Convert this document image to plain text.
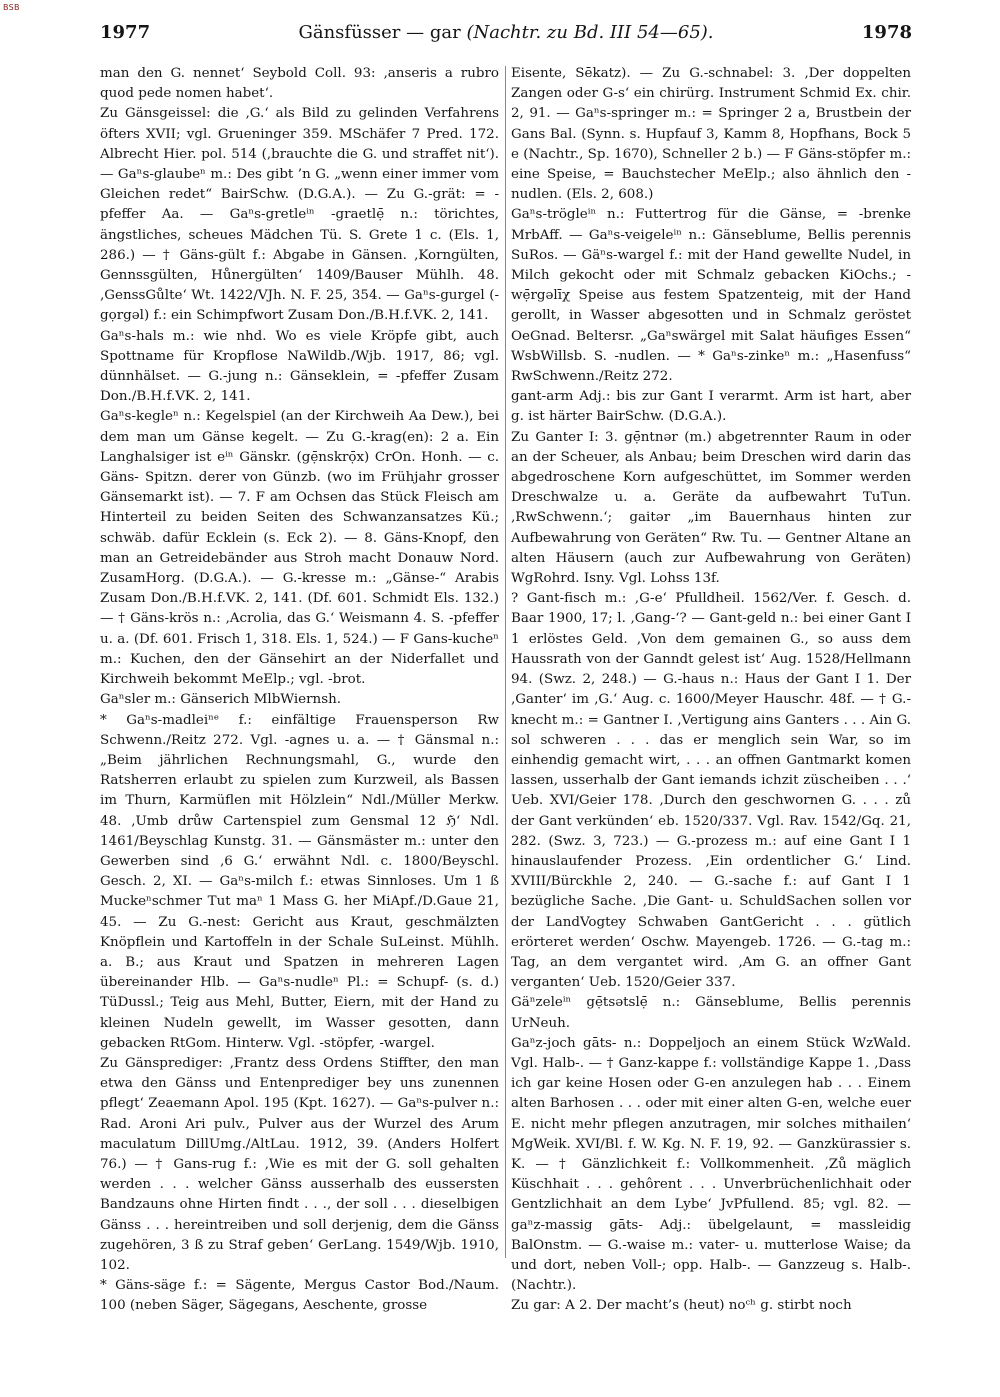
BSB
1977	Gänsfüsser — gar (Nachtr. zu Bd. III 54—65).	1978

man den G. nennet‘ Seybold Coll. 93: ‚anseris a rubro quod pede nomen habet‘.

Zu Gänsgeissel: die ‚G.‘ als Bild zu gelinden Verfahrens öfters XVII; vgl. Grueninger 359. MSchäfer 7 Pred. 172. Albrecht Hier. pol. 514 (‚brauchte die G. und straffet nit‘). — Gaⁿs-glaubeⁿ m.: Des gibt ’n G. „wenn einer immer vom Gleichen redet“ BairSchw. (D.G.A.). — Zu G.-grät: = -pfeffer Aa. — Gaⁿs-gretleⁱⁿ -graetlẹ̄ n.: törichtes, ängstliches, scheues Mädchen Tü. S. Grete 1 c. (Els. 1, 286.) — † Gäns-gült f.: Abgabe in Gänsen. ‚Korngülten, Gennssgülten, Hůnergülten‘ 1409/Bauser Mühlh. 48. ‚GenssGůlte‘ Wt. 1422/VJh. N. F. 25, 354. — Gaⁿs-gurgel (-gọrgəl) f.: ein Schimpfwort Zusam Don./B.H.f.VK. 2, 141.

Gaⁿs-hals m.: wie nhd. Wo es viele Kröpfe gibt, auch Spottname für Kropflose NaWildb./Wjb. 1917, 86; vgl. dünnhälset. — G.-jung n.: Gänseklein, = -pfeffer Zusam Don./B.H.f.VK. 2, 141.

Gaⁿs-kegleⁿ n.: Kegelspiel (an der Kirchweih Aa Dew.), bei dem man um Gänse kegelt. — Zu G.-krag(en): 2 a. Ein Langhalsiger ist eⁱⁿ Gänskr. (gẹ̄nskrọ̄x) CrOn. Honh. — c. Gäns- Spitzn. derer von Günzb. (wo im Frühjahr grosser Gänsemarkt ist). — 7. F am Ochsen das Stück Fleisch am Hinterteil zu beiden Seiten des Schwanzansatzes Kü.; schwäb. dafür Ecklein (s. Eck 2). — 8. Gäns-Knopf, den man an Getreidebänder aus Stroh macht Donauw Nord. ZusamHorg. (D.G.A.). — G.-kresse m.: „Gänse-“ Arabis Zusam Don./B.H.f.VK. 2, 141. (Df. 601. Schmidt Els. 132.) — † Gäns-krös n.: ‚Acrolia, das G.‘ Weismann 4. S. -pfeffer u. a. (Df. 601. Frisch 1, 318. Els. 1, 524.) — F Gans-kucheⁿ m.: Kuchen, den der Gänsehirt an der Niderfallet und Kirchweih bekommt MeElp.; vgl. -brot.

Gaⁿsler m.: Gänserich MlbWiernsh.

* Gaⁿs-madleiⁿᵉ f.: einfältige Frauensperson Rw Schwenn./Reitz 272. Vgl. -agnes u. a. — † Gänsmal n.: „Beim jährlichen Rechnungsmahl, G., wurde den Ratsherren erlaubt zu spielen zum Kurzweil, als Bassen im Thurn, Karmüflen mit Hölzlein“ Ndl./Müller Merkw. 48. ‚Umb drůw Cartenspiel zum Gensmal 12 ℌ‘ Ndl. 1461/Beyschlag Kunstg. 31. — Gänsmäster m.: unter den Gewerben sind ‚6 G.‘ erwähnt Ndl. c. 1800/Beyschl. Gesch. 2, XI. — Gaⁿs-milch f.: etwas Sinnloses. Um 1 ß Muckeⁿschmer Tut maⁿ 1 Mass G. her MiApf./D.Gaue 21, 45. — Zu G.-nest: Gericht aus Kraut, geschmälzten Knöpflein und Kartoffeln in der Schale SuLeinst. Mühlh. a. B.; aus Kraut und Spatzen in mehreren Lagen übereinander Hlb. — Gaⁿs-nudleⁿ Pl.: = Schupf- (s. d.) TüDussl.; Teig aus Mehl, Butter, Eiern, mit der Hand zu kleinen Nudeln gewellt, im Wasser gesotten, dann gebacken RtGom. Hinterw. Vgl. -stöpfer, -wargel.

Zu Gänsprediger: ‚Frantz dess Ordens Stiffter, den man etwa den Gänss und Entenprediger bey uns zunennen pflegt‘ Zeaemann Apol. 195 (Kpt. 1627). — Gaⁿs-pulver n.: Rad. Aroni Ari pulv., Pulver aus der Wurzel des Arum maculatum DillUmg./AltLau. 1912, 39. (Anders Holfert 76.) — † Gans-rug f.: ‚Wie es mit der G. soll gehalten werden . . . welcher Gänss ausserhalb des eussersten Bandzauns ohne Hirten findt . . ., der soll . . . dieselbigen Gänss . . . hereintreiben und soll derjenig, dem die Gänss zugehören, 3 ß zu Straf geben‘ GerLang. 1549/Wjb. 1910, 102.

* Gäns-säge f.: = Sägente, Mergus Castor Bod./Naum. 100 (neben Säger, Sägegans, Aeschente, grosse

Eisente, Sēkatz). — Zu G.-schnabel: 3. ‚Der doppelten Zangen oder G-s‘ ein chirürg. Instrument Schmid Ex. chir. 2, 91. — Gaⁿs-springer m.: = Springer 2 a, Brustbein der Gans Bal. (Synn. s. Hupfauf 3, Kamm 8, Hopfhans, Bock 5 e (Nachtr., Sp. 1670), Schneller 2 b.) — F Gäns-stöpfer m.: eine Speise, = Bauchstecher MeElp.; also ähnlich den -nudlen. (Els. 2, 608.)

Gaⁿs-trögleⁱⁿ n.: Futtertrog für die Gänse, = -brenke MrbAff. — Gaⁿs-veigeleⁱⁿ n.: Gänseblume, Bellis perennis SuRos. — Gäⁿs-wargel f.: mit der Hand gewellte Nudel, in Milch gekocht oder mit Schmalz gebacken KiOchs.; -wẹ̄rgəlīχ Speise aus festem Spatzenteig, mit der Hand gerollt, in Wasser abgesotten und in Schmalz geröstet OeGnad. Beltersr. „Gaⁿswärgel mit Salat häufiges Essen“ WsbWillsb. S. -nudlen. — * Gaⁿs-zinkeⁿ m.: „Hasenfuss“ RwSchwenn./Reitz 272.

gant-arm Adj.: bis zur Gant I verarmt. Arm ist hart, aber g. ist härter BairSchw. (D.G.A.).

Zu Ganter I: 3. gẹ̄ntnər (m.) abgetrennter Raum in oder an der Scheuer, als Anbau; beim Dreschen wird darin das abgedroschene Korn aufgeschüttet, im Sommer werden Dreschwalze u. a. Geräte da aufbewahrt TuTun. ‚RwSchwenn.‘; gaitər „im Bauernhaus hinten zur Aufbewahrung von Geräten“ Rw. Tu. — Gentner Altane an alten Häusern (auch zur Aufbewahrung von Geräten) WgRohrd. Isny. Vgl. Lohss 13f.

? Gant-fisch m.: ‚G-e‘ Pfulldheil. 1562/Ver. f. Gesch. d. Baar 1900, 17; l. ‚Gang-‘? — Gant-geld n.: bei einer Gant I 1 erlöstes Geld. ‚Von dem gemainen G., so auss dem Haussrath von der Ganndt gelest ist‘ Aug. 1528/Hellmann 94. (Swz. 2, 248.) — G.-haus n.: Haus der Gant I 1. Der ‚Ganter‘ im ‚G.‘ Aug. c. 1600/Meyer Hauschr. 48f. — † G.-knecht m.: = Gantner I. ‚Vertigung ains Ganters . . . Ain G. sol schweren . . . das er menglich sein War, so im einhendig gemacht wirt, . . . an offnen Gantmarkt komen lassen, usserhalb der Gant iemands ichzit züscheiben . . .‘ Ueb. XVI/Geier 178. ‚Durch den geschwornen G. . . . zů der Gant verkünden‘ eb. 1520/337. Vgl. Rav. 1542/Gq. 21, 282. (Swz. 3, 723.) — G.-prozess m.: auf eine Gant I 1 hinauslaufender Prozess. ‚Ein ordentlicher G.‘ Lind. XVIII/Bürckhle 2, 240. — G.-sache f.: auf Gant I 1 bezügliche Sache. ‚Die Gant- u. SchuldSachen sollen vor der LandVogtey Schwaben GantGericht . . . gütlich erörteret werden‘ Oschw. Mayengeb. 1726. — G.-tag m.: Tag, an dem vergantet wird. ‚Am G. an offner Gant verganten‘ Ueb. 1520/Geier 337.

Gäⁿzeleⁱⁿ gẹ̄tsətslẹ̄ n.: Gänseblume, Bellis perennis UrNeuh.

Gaⁿz-joch gāts- n.: Doppeljoch an einem Stück WzWald. Vgl. Halb-. — † Ganz-kappe f.: vollständige Kappe 1. ‚Dass ich gar keine Hosen oder G-en anzulegen hab . . . Einem alten Barhosen . . . oder mit einer alten G-en, welche euer E. nicht mehr pflegen anzutragen, mir solches mithailen‘ MgWeik. XVI/Bl. f. W. Kg. N. F. 19, 92. — Ganzkürassier s. K. — † Gänzlichkeit f.: Vollkommenheit. ‚Zů mäglich Küschhait . . . gehôrent . . . Unverbrüchenlichhait oder Gentzlichhait an dem Lybe‘ JvPfullend. 85; vgl. 82. — gaⁿz-massig gāts- Adj.: übelgelaunt, = massleidig BalOnstm. — G.-waise m.: vater- u. mutterlose Waise; da und dort, neben Voll-; opp. Halb-. — Ganzzeug s. Halb-. (Nachtr.).

Zu gar: A 2. Der macht’s (heut) noᶜʰ g. stirbt noch
